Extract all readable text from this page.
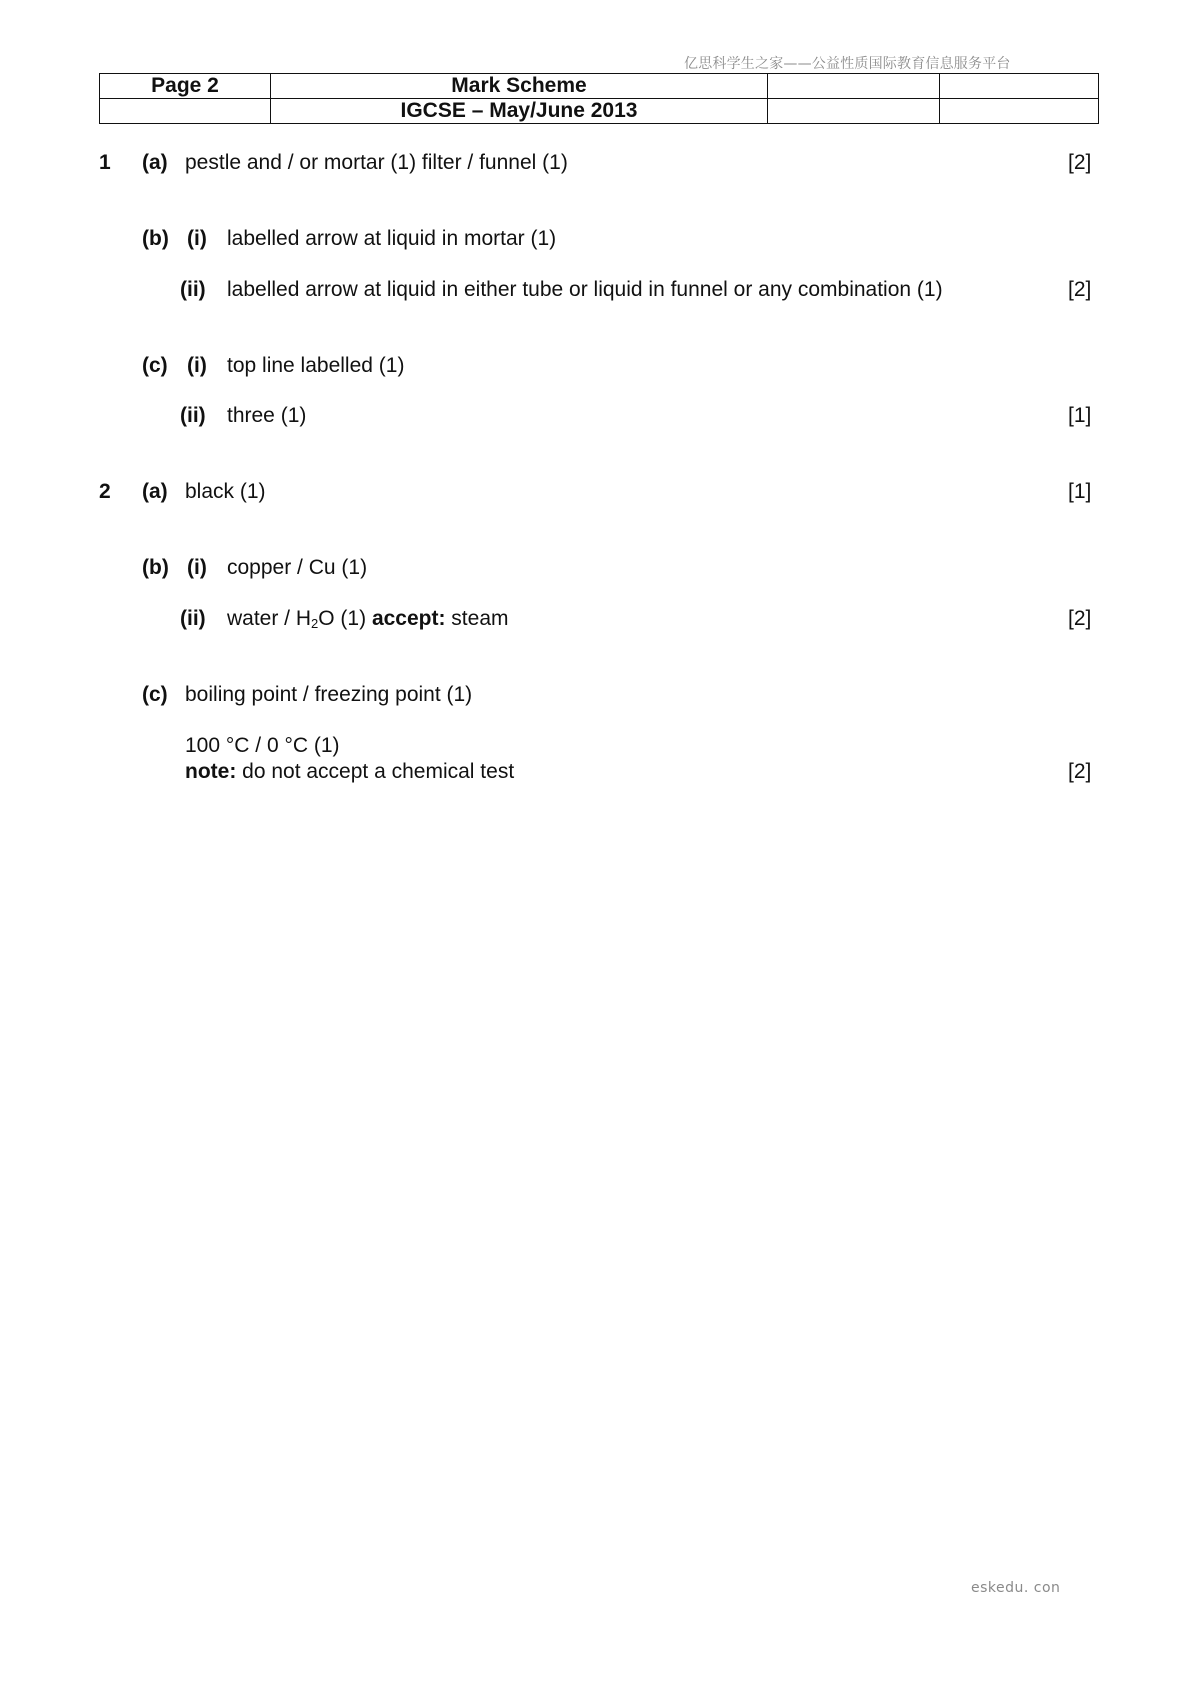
亿思科学生之家——公益性质国际教育信息服务平台
Page 2	Mark Scheme		
	IGCSE – May/June 2013		
1 (a) pestle and / or mortar (1) filter / funnel (1)	[2]
(b) (i) labelled arrow at liquid in mortar (1)
(ii) labelled arrow at liquid in either tube or liquid in funnel or any combination (1)	[2]
(c) (i) top line labelled (1)
(ii) three (1)	[1]
2 (a) black (1)	[1]
(b) (i) copper / Cu (1)
(ii) water / $H_2O$ (1) accept: steam	[2]
(c) boiling point / freezing point (1)
100 °C / 0 °C (1)
note: do not accept a chemical test	[2]
eskedu. con
